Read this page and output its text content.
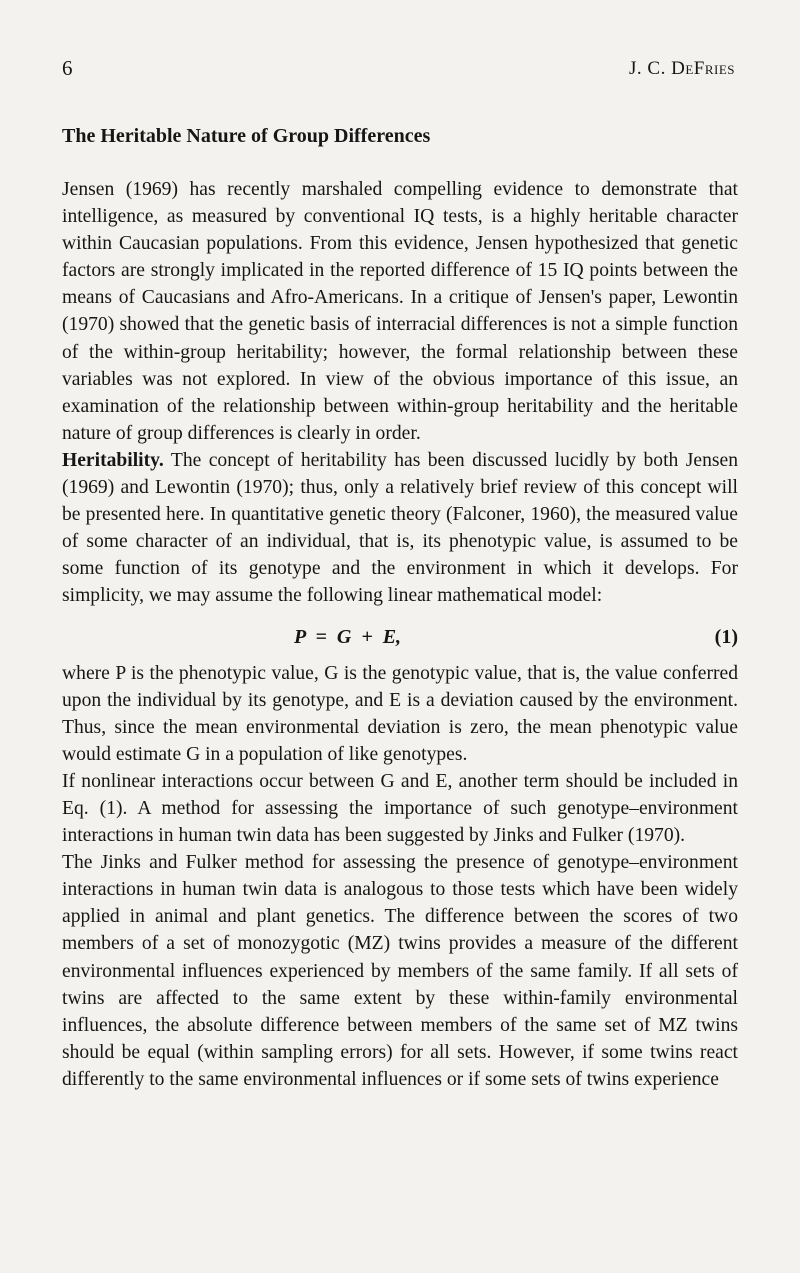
6	J. C. DeFries
The Heritable Nature of Group Differences

Jensen (1969) has recently marshaled compelling evidence to demonstrate that intelligence, as measured by conventional IQ tests, is a highly heritable character within Caucasian populations. From this evidence, Jensen hypothesized that genetic factors are strongly implicated in the reported difference of 15 IQ points between the means of Caucasians and Afro-Americans. In a critique of Jensen's paper, Lewontin (1970) showed that the genetic basis of interracial differences is not a simple function of the within-group heritability; however, the formal relationship between these variables was not explored. In view of the obvious importance of this issue, an examination of the relationship between within-group heritability and the heritable nature of group differences is clearly in order.

Heritability. The concept of heritability has been discussed lucidly by both Jensen (1969) and Lewontin (1970); thus, only a relatively brief review of this concept will be presented here. In quantitative genetic theory (Falconer, 1960), the measured value of some character of an individual, that is, its phenotypic value, is assumed to be some function of its genotype and the environment in which it develops. For simplicity, we may assume the following linear mathematical model:

P = G + E,	(1)

where P is the phenotypic value, G is the genotypic value, that is, the value conferred upon the individual by its genotype, and E is a deviation caused by the environment. Thus, since the mean environmental deviation is zero, the mean phenotypic value would estimate G in a population of like genotypes.

If nonlinear interactions occur between G and E, another term should be included in Eq. (1). A method for assessing the importance of such genotype–environment interactions in human twin data has been suggested by Jinks and Fulker (1970).

The Jinks and Fulker method for assessing the presence of genotype–environment interactions in human twin data is analogous to those tests which have been widely applied in animal and plant genetics. The difference between the scores of two members of a set of monozygotic (MZ) twins provides a measure of the different environmental influences experienced by members of the same family. If all sets of twins are affected to the same extent by these within-family environmental influences, the absolute difference between members of the same set of MZ twins should be equal (within sampling errors) for all sets. However, if some twins react differently to the same environmental influences or if some sets of twins experience
